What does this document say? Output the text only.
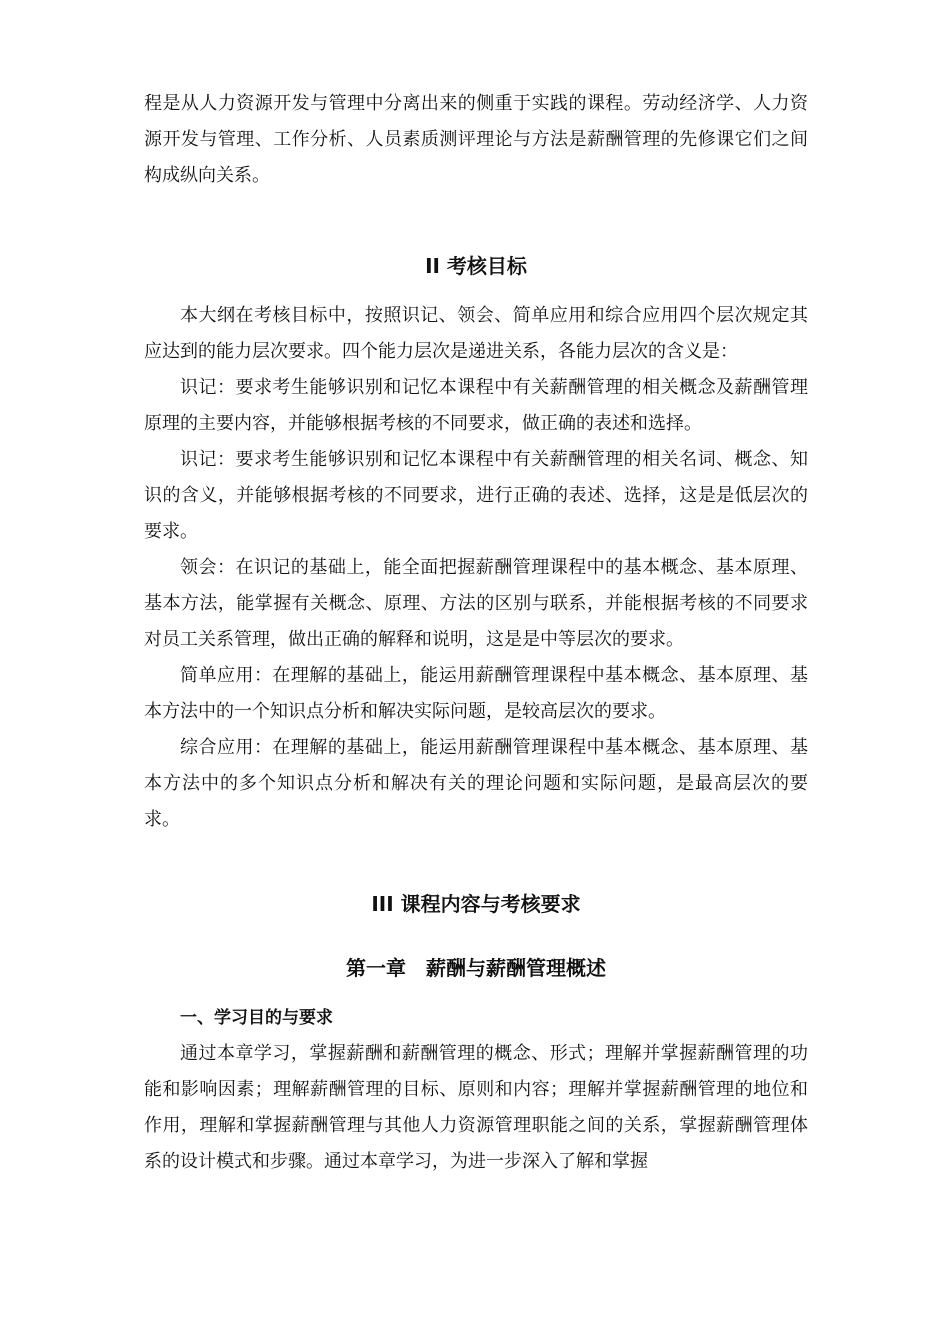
程是从人力资源开发与管理中分离出来的侧重于实践的课程。劳动经济学、人力资源开发与管理、工作分析、人员素质测评理论与方法是薪酬管理的先修课它们之间构成纵向关系。

II 考核目标

本大纲在考核目标中，按照识记、领会、简单应用和综合应用四个层次规定其应达到的能力层次要求。四个能力层次是递进关系，各能力层次的含义是：

识记：要求考生能够识别和记忆本课程中有关薪酬管理的相关概念及薪酬管理原理的主要内容，并能够根据考核的不同要求，做正确的表述和选择。

识记：要求考生能够识别和记忆本课程中有关薪酬管理的相关名词、概念、知识的含义，并能够根据考核的不同要求，进行正确的表述、选择，这是是低层次的要求。

领会：在识记的基础上，能全面把握薪酬管理课程中的基本概念、基本原理、基本方法，能掌握有关概念、原理、方法的区别与联系，并能根据考核的不同要求对员工关系管理，做出正确的解释和说明，这是是中等层次的要求。

简单应用：在理解的基础上，能运用薪酬管理课程中基本概念、基本原理、基本方法中的一个知识点分析和解决实际问题，是较高层次的要求。

综合应用：在理解的基础上，能运用薪酬管理课程中基本概念、基本原理、基本方法中的多个知识点分析和解决有关的理论问题和实际问题，是最高层次的要求。

III 课程内容与考核要求
第一章　薪酬与薪酬管理概述
一、学习目的与要求

通过本章学习，掌握薪酬和薪酬管理的概念、形式；理解并掌握薪酬管理的功能和影响因素；理解薪酬管理的目标、原则和内容；理解并掌握薪酬管理的地位和作用，理解和掌握薪酬管理与其他人力资源管理职能之间的关系，掌握薪酬管理体系的设计模式和步骤。通过本章学习，为进一步深入了解和掌握
